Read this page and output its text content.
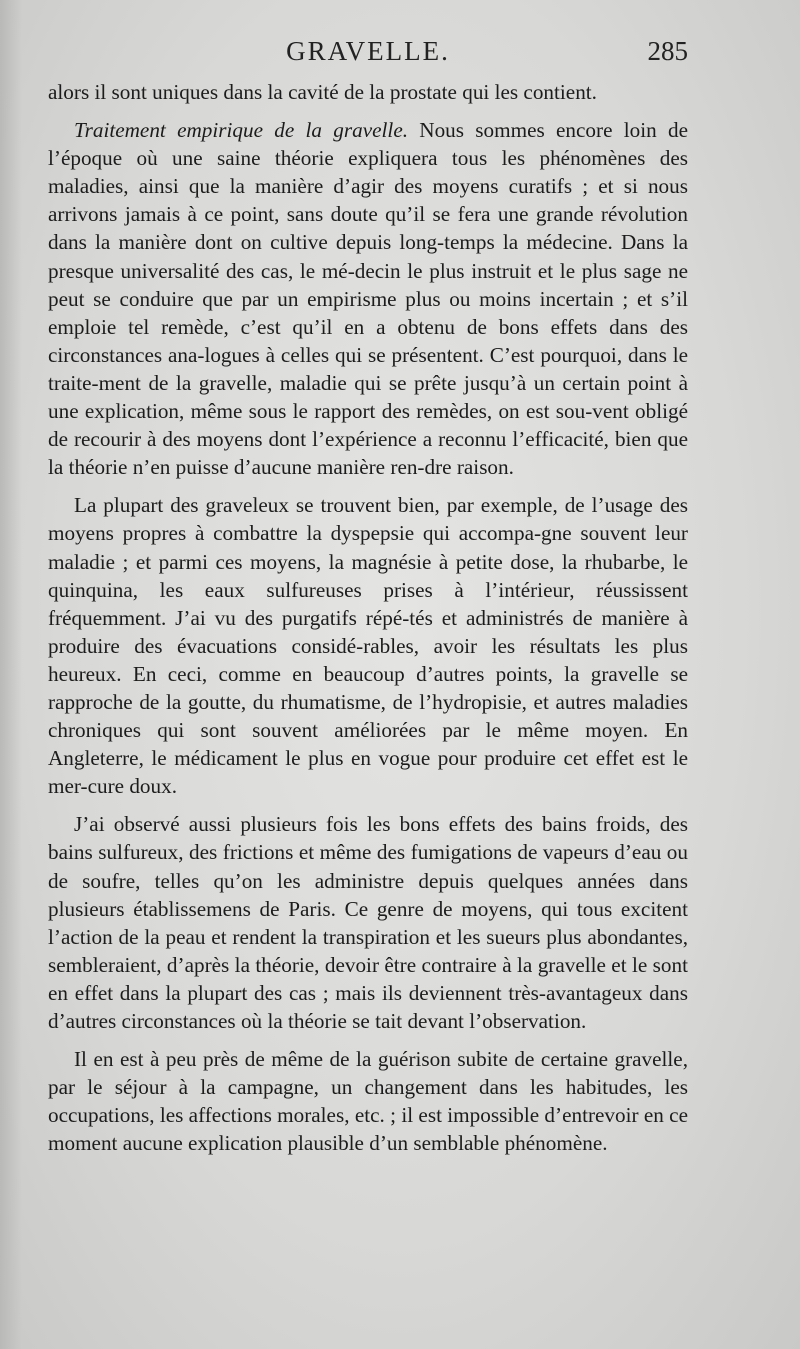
GRAVELLE.	285

alors il sont uniques dans la cavité de la prostate qui les contient.

Traitement empirique de la gravelle. Nous sommes encore loin de l’époque où une saine théorie expliquera tous les phénomènes des maladies, ainsi que la manière d’agir des moyens curatifs ; et si nous arrivons jamais à ce point, sans doute qu’il se fera une grande révolution dans la manière dont on cultive depuis long-temps la médecine. Dans la presque universalité des cas, le mé-decin le plus instruit et le plus sage ne peut se conduire que par un empirisme plus ou moins incertain ; et s’il emploie tel remède, c’est qu’il en a obtenu de bons effets dans des circonstances ana-logues à celles qui se présentent. C’est pourquoi, dans le traite-ment de la gravelle, maladie qui se prête jusqu’à un certain point à une explication, même sous le rapport des remèdes, on est sou-vent obligé de recourir à des moyens dont l’expérience a reconnu l’efficacité, bien que la théorie n’en puisse d’aucune manière ren-dre raison.

La plupart des graveleux se trouvent bien, par exemple, de l’usage des moyens propres à combattre la dyspepsie qui accompa-gne souvent leur maladie ; et parmi ces moyens, la magnésie à petite dose, la rhubarbe, le quinquina, les eaux sulfureuses prises à l’intérieur, réussissent fréquemment. J’ai vu des purgatifs répé-tés et administrés de manière à produire des évacuations considé-rables, avoir les résultats les plus heureux. En ceci, comme en beaucoup d’autres points, la gravelle se rapproche de la goutte, du rhumatisme, de l’hydropisie, et autres maladies chroniques qui sont souvent améliorées par le même moyen. En Angleterre, le médicament le plus en vogue pour produire cet effet est le mer-cure doux.

J’ai observé aussi plusieurs fois les bons effets des bains froids, des bains sulfureux, des frictions et même des fumigations de vapeurs d’eau ou de soufre, telles qu’on les administre depuis quelques années dans plusieurs établissemens de Paris. Ce genre de moyens, qui tous excitent l’action de la peau et rendent la transpiration et les sueurs plus abondantes, sembleraient, d’après la théorie, devoir être contraire à la gravelle et le sont en effet dans la plupart des cas ; mais ils deviennent très-avantageux dans d’autres circonstances où la théorie se tait devant l’observation.

Il en est à peu près de même de la guérison subite de certaine gravelle, par le séjour à la campagne, un changement dans les habitudes, les occupations, les affections morales, etc. ; il est impossible d’entrevoir en ce moment aucune explication plausible d’un semblable phénomène.
